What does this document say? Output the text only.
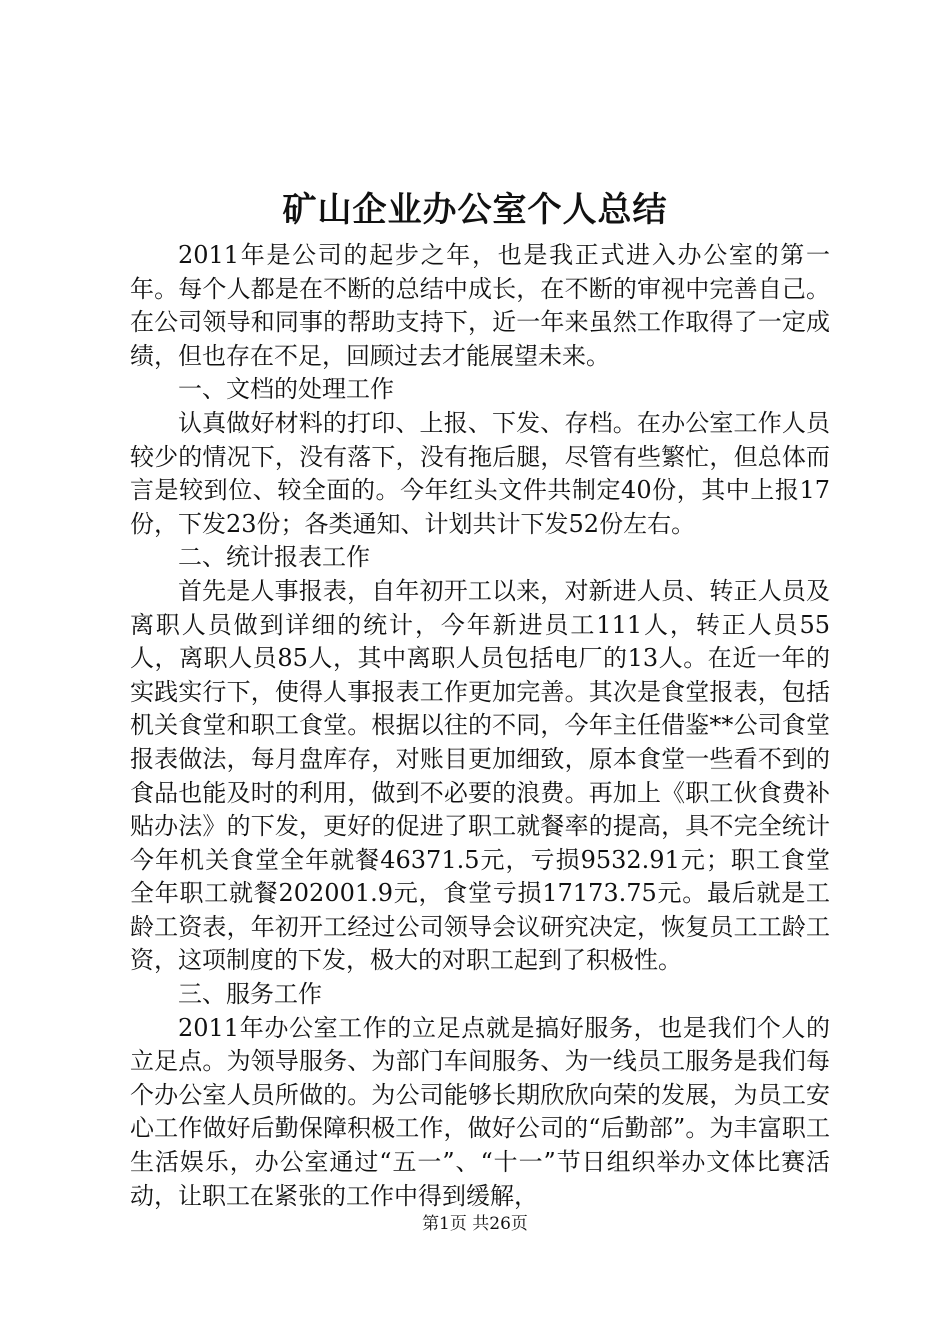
矿山企业办公室个人总结

2011年是公司的起步之年，也是我正式进入办公室的第一年。每个人都是在不断的总结中成长，在不断的审视中完善自己。在公司领导和同事的帮助支持下，近一年来虽然工作取得了一定成绩，但也存在不足，回顾过去才能展望未来。

一、文档的处理工作

认真做好材料的打印、上报、下发、存档。在办公室工作人员较少的情况下，没有落下，没有拖后腿，尽管有些繁忙，但总体而言是较到位、较全面的。今年红头文件共制定40份，其中上报17份，下发23份；各类通知、计划共计下发52份左右。

二、统计报表工作

首先是人事报表，自年初开工以来，对新进人员、转正人员及离职人员做到详细的统计，今年新进员工111人，转正人员55人，离职人员85人，其中离职人员包括电厂的13人。在近一年的实践实行下，使得人事报表工作更加完善。其次是食堂报表，包括机关食堂和职工食堂。根据以往的不同，今年主任借鉴**公司食堂报表做法，每月盘库存，对账目更加细致，原本食堂一些看不到的食品也能及时的利用，做到不必要的浪费。再加上《职工伙食费补贴办法》的下发，更好的促进了职工就餐率的提高，具不完全统计今年机关食堂全年就餐46371.5元，亏损9532.91元；职工食堂全年职工就餐202001.9元，食堂亏损17173.75元。最后就是工龄工资表，年初开工经过公司领导会议研究决定，恢复员工工龄工资，这项制度的下发，极大的对职工起到了积极性。

三、服务工作

2011年办公室工作的立足点就是搞好服务，也是我们个人的立足点。为领导服务、为部门车间服务、为一线员工服务是我们每个办公室人员所做的。为公司能够长期欣欣向荣的发展，为员工安心工作做好后勤保障积极工作，做好公司的“后勤部”。为丰富职工生活娱乐，办公室通过“五一”、“十一”节日组织举办文体比赛活动，让职工在紧张的工作中得到缓解，

第1页 共26页
